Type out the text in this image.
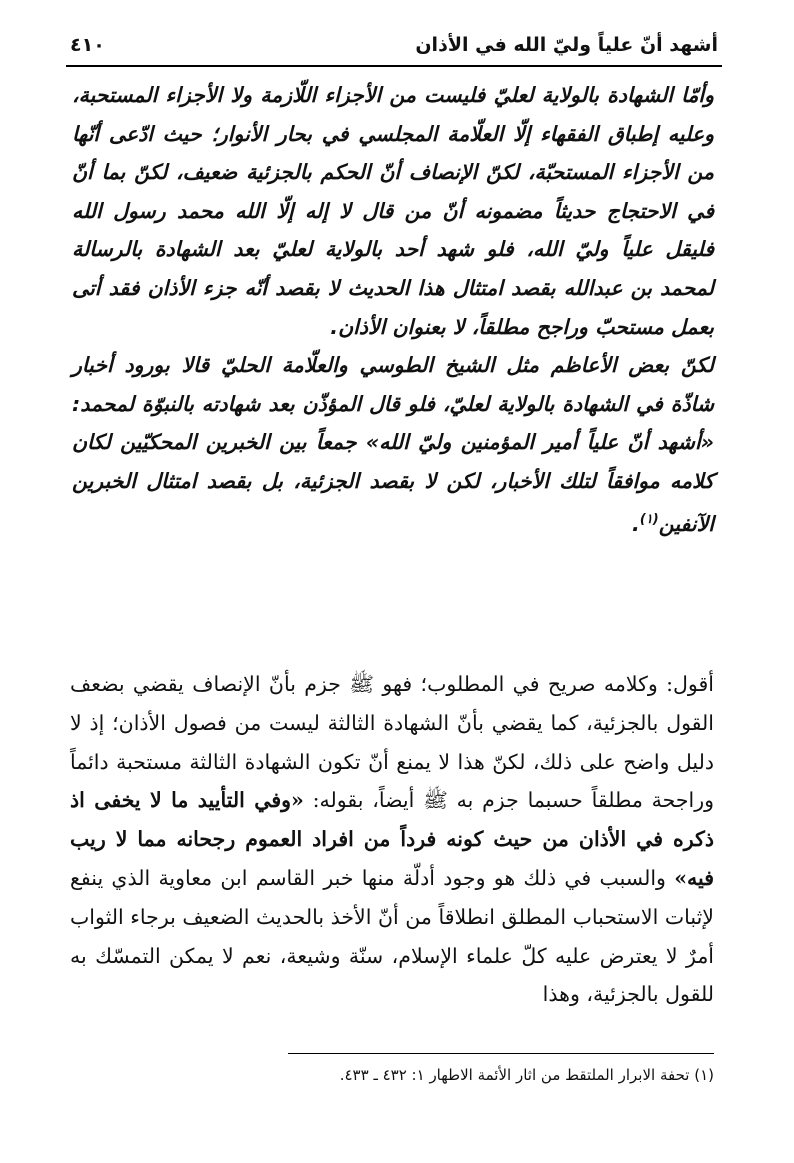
أشهد أنّ علياً وليّ الله في الأذان
٤١٠

وأمّا الشهادة بالولاية لعليّ فليست من الأجزاء اللّازمة ولا الأجزاء المستحبة، وعليه إطباق الفقهاء إلّا العلّامة المجلسي في بحار الأنوار؛ حيث ادّعى أنّها من الأجزاء المستحبّة، لكنّ الإنصاف أنّ الحكم بالجزئية ضعيف، لكنّ بما أنّ في الاحتجاج حديثاً مضمونه أنّ من قال لا إله إلّا الله محمد رسول الله فليقل علياً وليّ الله، فلو شهد أحد بالولاية لعليّ بعد الشهادة بالرسالة لمحمد بن عبدالله بقصد امتثال هذا الحديث لا بقصد أنّه جزء الأذان فقد أتى بعمل مستحبّ وراجح مطلقاً، لا بعنوان الأذان.

لكنّ بعض الأعاظم مثل الشيخ الطوسي والعلّامة الحليّ قالا بورود أخبار شاذّة في الشهادة بالولاية لعليّ، فلو قال المؤذّن بعد شهادته بالنبوّة لمحمد: «أشهد أنّ علياً أمير المؤمنين وليّ الله» جمعاً بين الخبرين المحكيّين لكان كلامه موافقاً لتلك الأخبار، لكن لا بقصد الجزئية، بل بقصد امتثال الخبرين الآنفين$^{(١)}$.

أقول: وكلامه صريح في المطلوب؛ فهو ﷺ جزم بأنّ الإنصاف يقضي بضعف القول بالجزئية، كما يقضي بأنّ الشهادة الثالثة ليست من فصول الأذان؛ إذ لا دليل واضح على ذلك، لكنّ هذا لا يمنع أنّ تكون الشهادة الثالثة مستحبة دائماً وراجحة مطلقاً حسبما جزم به ﷺ أيضاً، بقوله: «وفي التأييد ما لا يخفى اذ ذكره في الأذان من حيث كونه فرداً من افراد العموم رجحانه مما لا ريب فيه» والسبب في ذلك هو وجود أدلّة منها خبر القاسم ابن معاوية الذي ينفع لإثبات الاستحباب المطلق انطلاقاً من أنّ الأخذ بالحديث الضعيف برجاء الثواب أمرٌ لا يعترض عليه كلّ علماء الإسلام، سنّة وشيعة، نعم لا يمكن التمسّك به للقول بالجزئية، وهذا

(١) تحفة الابرار الملتقط من اثار الأئمة الاطهار ١: ٤٣٢ ـ ٤٣٣.
